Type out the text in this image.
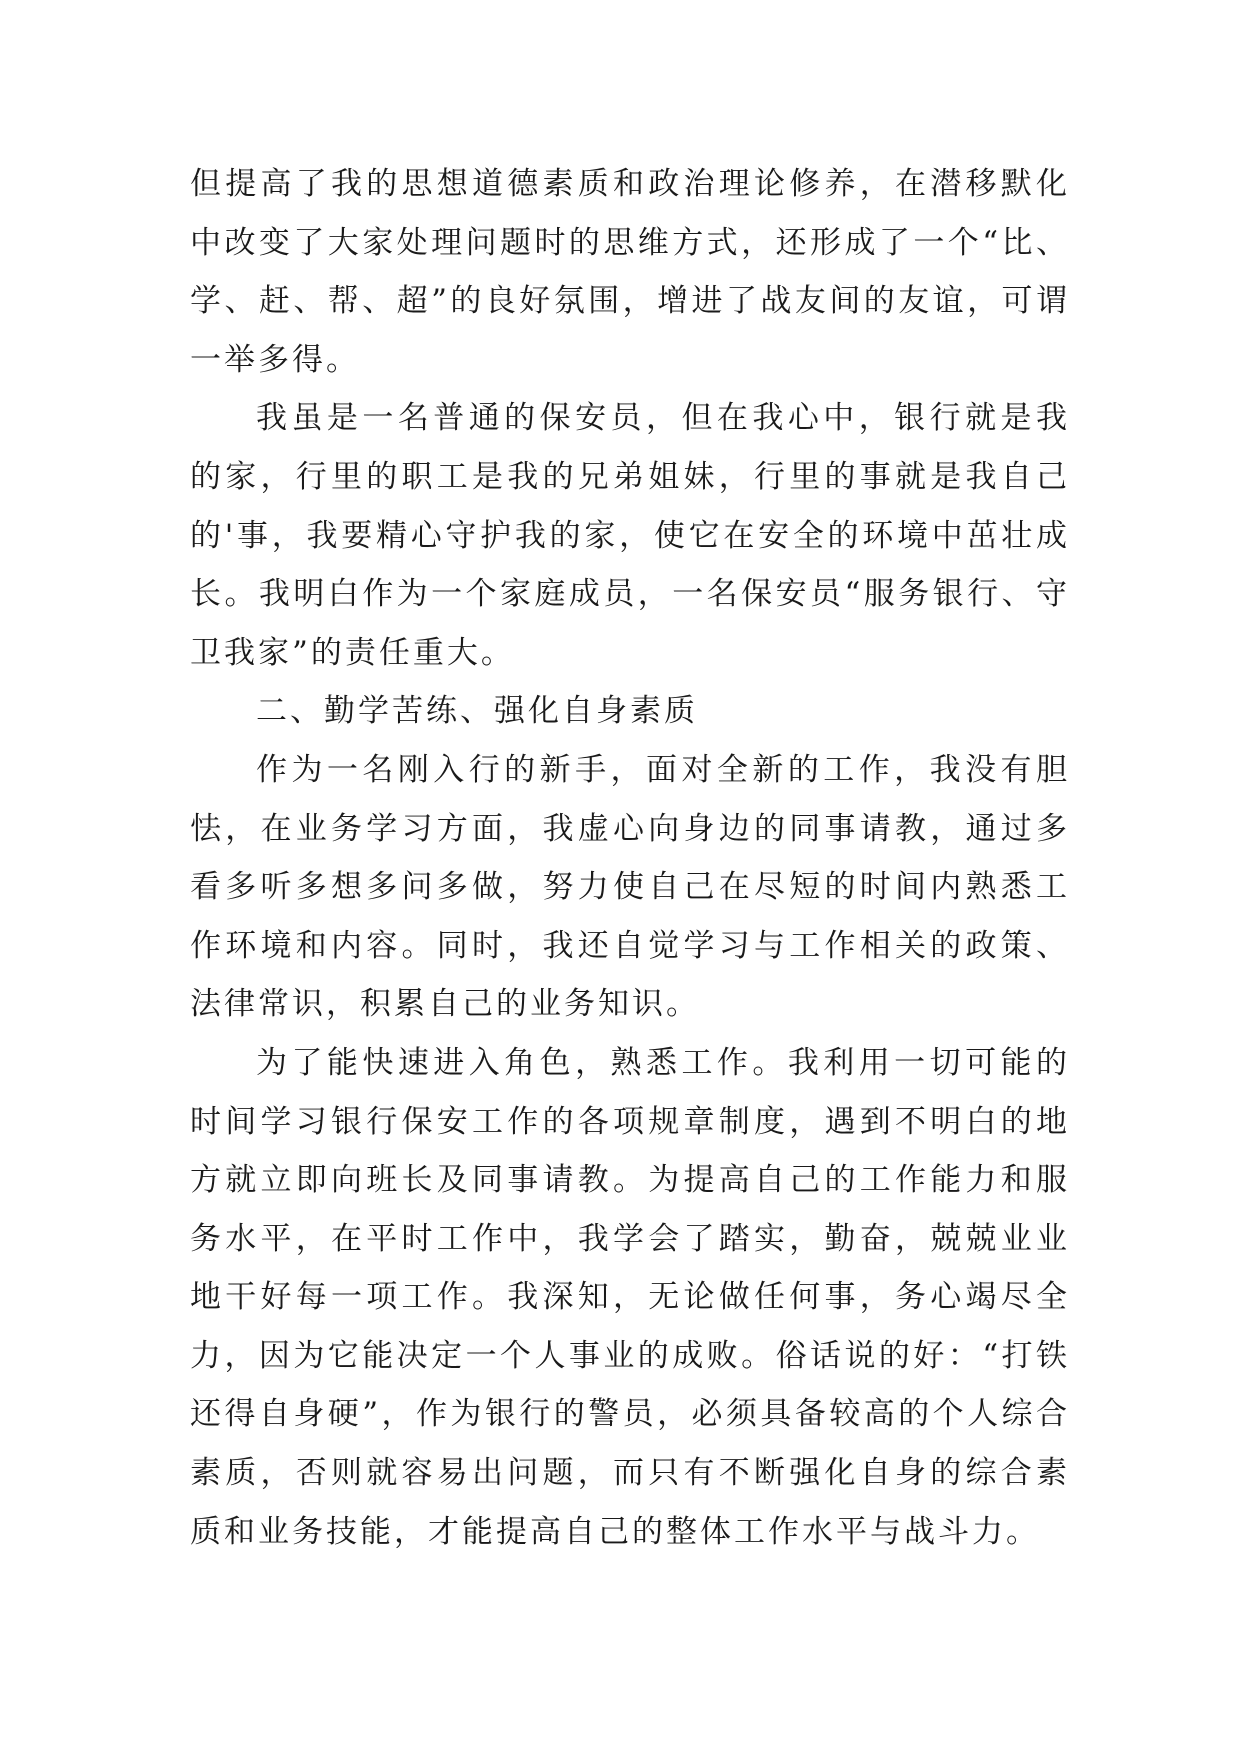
但提高了我的思想道德素质和政治理论修养，在潜移默化中改变了大家处理问题时的思维方式，还形成了一个“比、学、赶、帮、超”的良好氛围，增进了战友间的友谊，可谓一举多得。

我虽是一名普通的保安员，但在我心中，银行就是我的家，行里的职工是我的兄弟姐妹，行里的事就是我自己的'事，我要精心守护我的家，使它在安全的环境中茁壮成长。我明白作为一个家庭成员，一名保安员“服务银行、守卫我家”的责任重大。

二、勤学苦练、强化自身素质

作为一名刚入行的新手，面对全新的工作，我没有胆怯，在业务学习方面，我虚心向身边的同事请教，通过多看多听多想多问多做，努力使自己在尽短的时间内熟悉工作环境和内容。同时，我还自觉学习与工作相关的政策、法律常识，积累自己的业务知识。

为了能快速进入角色，熟悉工作。我利用一切可能的时间学习银行保安工作的各项规章制度，遇到不明白的地方就立即向班长及同事请教。为提高自己的工作能力和服务水平，在平时工作中，我学会了踏实，勤奋，兢兢业业地干好每一项工作。我深知，无论做任何事，务心竭尽全力，因为它能决定一个人事业的成败。俗话说的好：“打铁还得自身硬”，作为银行的警员，必须具备较高的个人综合素质，否则就容易出问题，而只有不断强化自身的综合素质和业务技能，才能提高自己的整体工作水平与战斗力。
